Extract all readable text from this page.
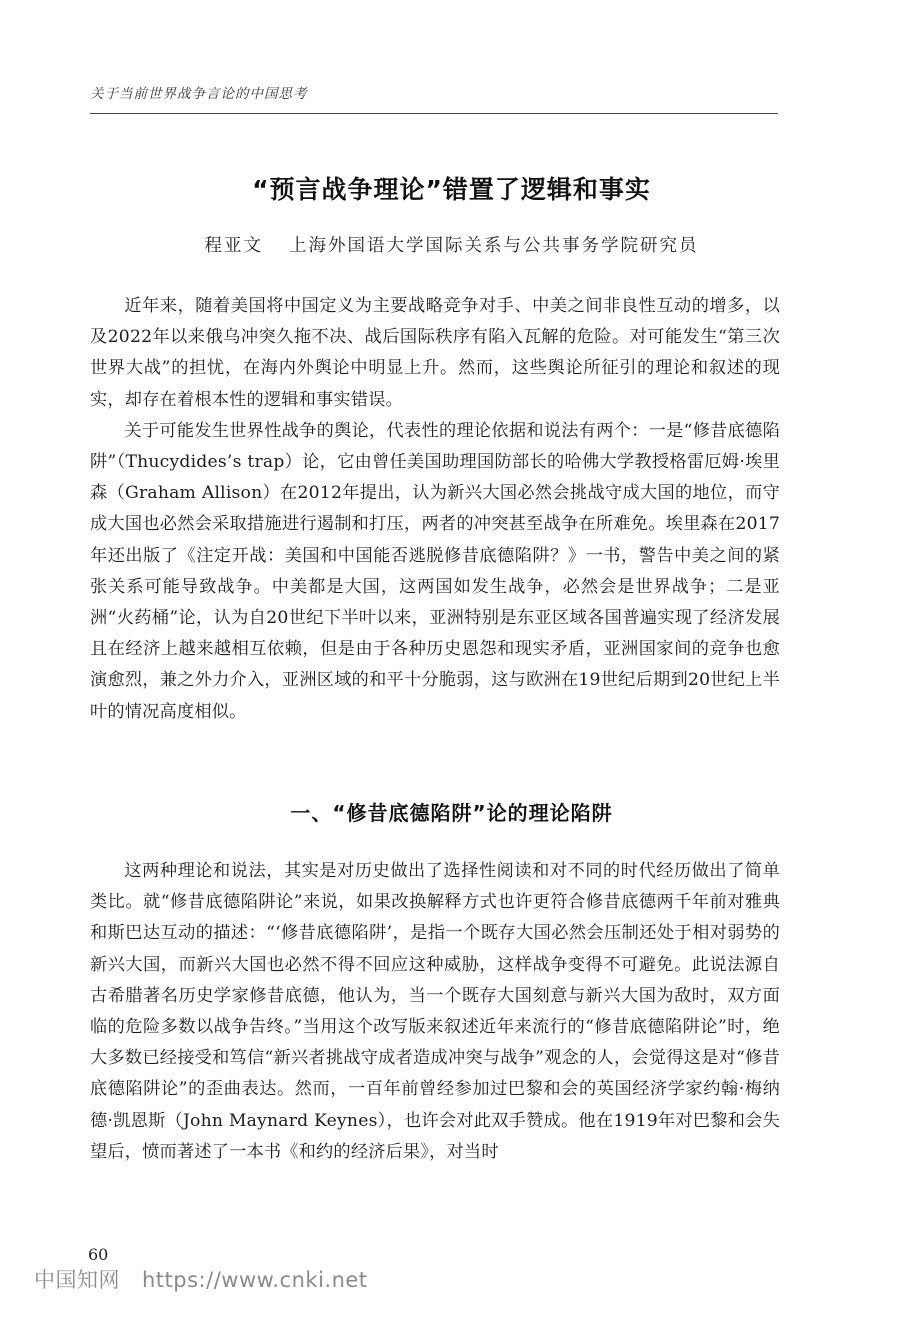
关于当前世界战争言论的中国思考
“预言战争理论”错置了逻辑和事实
程亚文 上海外国语大学国际关系与公共事务学院研究员

近年来，随着美国将中国定义为主要战略竞争对手、中美之间非良性互动的增多，以及2022年以来俄乌冲突久拖不决、战后国际秩序有陷入瓦解的危险。对可能发生“第三次世界大战”的担忧，在海内外舆论中明显上升。然而，这些舆论所征引的理论和叙述的现实，却存在着根本性的逻辑和事实错误。

关于可能发生世界性战争的舆论，代表性的理论依据和说法有两个：一是“修昔底德陷阱”（Thucydides’s trap）论，它由曾任美国助理国防部长的哈佛大学教授格雷厄姆·埃里森（Graham Allison）在2012年提出，认为新兴大国必然会挑战守成大国的地位，而守成大国也必然会采取措施进行遏制和打压，两者的冲突甚至战争在所难免。埃里森在2017年还出版了《注定开战：美国和中国能否逃脱修昔底德陷阱？》一书，警告中美之间的紧张关系可能导致战争。中美都是大国，这两国如发生战争，必然会是世界战争；二是亚洲“火药桶”论，认为自20世纪下半叶以来，亚洲特别是东亚区域各国普遍实现了经济发展且在经济上越来越相互依赖，但是由于各种历史恩怨和现实矛盾，亚洲国家间的竞争也愈演愈烈，兼之外力介入，亚洲区域的和平十分脆弱，这与欧洲在19世纪后期到20世纪上半叶的情况高度相似。

一、“修昔底德陷阱”论的理论陷阱

这两种理论和说法，其实是对历史做出了选择性阅读和对不同的时代经历做出了简单类比。就“修昔底德陷阱论”来说，如果改换解释方式也许更符合修昔底德两千年前对雅典和斯巴达互动的描述：“‘修昔底德陷阱’，是指一个既存大国必然会压制还处于相对弱势的新兴大国，而新兴大国也必然不得不回应这种威胁，这样战争变得不可避免。此说法源自古希腊著名历史学家修昔底德，他认为，当一个既存大国刻意与新兴大国为敌时，双方面临的危险多数以战争告终。”当用这个改写版来叙述近年来流行的“修昔底德陷阱论”时，绝大多数已经接受和笃信“新兴者挑战守成者造成冲突与战争”观念的人，会觉得这是对“修昔底德陷阱论”的歪曲表达。然而，一百年前曾经参加过巴黎和会的英国经济学家约翰·梅纳德·凯恩斯（John Maynard Keynes），也许会对此双手赞成。他在1919年对巴黎和会失望后，愤而著述了一本书《和约的经济后果》，对当时

60
中国知网 https://www.cnki.net
